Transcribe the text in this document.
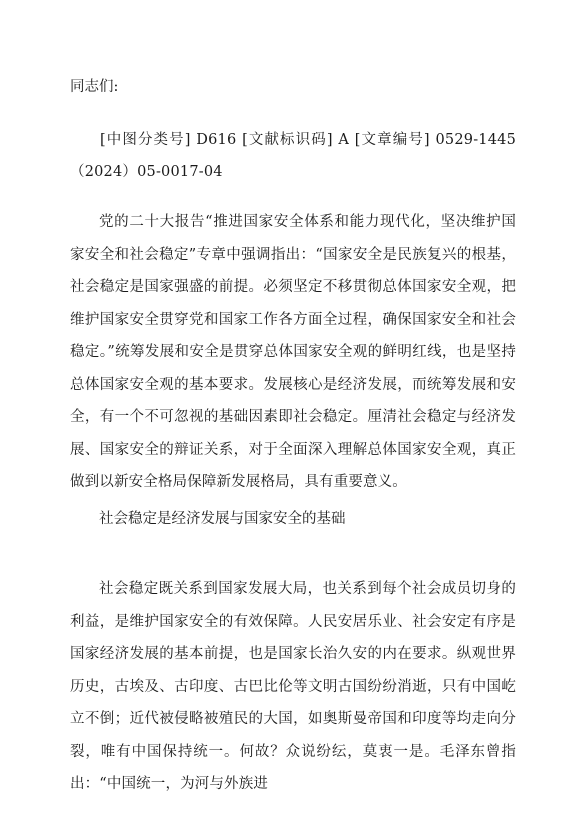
同志们:
[中图分类号] D616 [文献标识码] A [文章编号] 0529-1445（2024）05-0017-04
党的二十大报告“推进国家安全体系和能力现代化，坚决维护国家安全和社会稳定”专章中强调指出：“国家安全是民族复兴的根基，社会稳定是国家强盛的前提。必须坚定不移贯彻总体国家安全观，把维护国家安全贯穿党和国家工作各方面全过程，确保国家安全和社会稳定。”统筹发展和安全是贯穿总体国家安全观的鲜明红线，也是坚持总体国家安全观的基本要求。发展核心是经济发展，而统筹发展和安全，有一个不可忽视的基础因素即社会稳定。厘清社会稳定与经济发展、国家安全的辩证关系，对于全面深入理解总体国家安全观，真正做到以新安全格局保障新发展格局，具有重要意义。
社会稳定是经济发展与国家安全的基础
社会稳定既关系到国家发展大局，也关系到每个社会成员切身的利益，是维护国家安全的有效保障。人民安居乐业、社会安定有序是国家经济发展的基本前提，也是国家长治久安的内在要求。纵观世界历史，古埃及、古印度、古巴比伦等文明古国纷纷消逝，只有中国屹立不倒；近代被侵略被殖民的大国，如奥斯曼帝国和印度等均走向分裂，唯有中国保持统一。何故？众说纷纭，莫衷一是。毛泽东曾指出：“中国统一，为河与外族进
